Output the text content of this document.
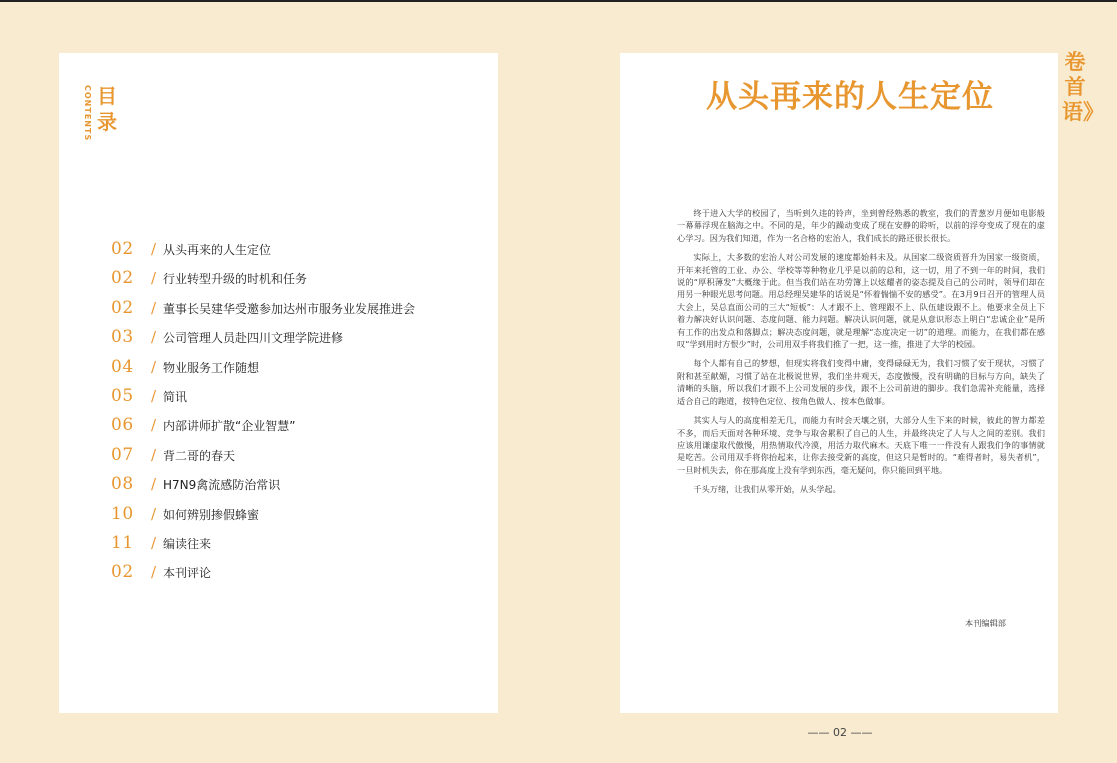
CONTENTS 目录
02	/ 从头再来的人生定位
02	/ 行业转型升级的时机和任务
02	/ 董事长吴建华受邀参加达州市服务业发展推进会
03	/ 公司管理人员赴四川文理学院进修
04	/ 物业服务工作随想
05	/ 简讯
06	/ 内部讲师扩散“企业智慧”
07	/ 背二哥的春天
08	/ H7N9禽流感防治常识
10	/ 如何辨别掺假蜂蜜
11	/ 编读往来
02	/ 本刊评论
从头再来的人生定位

终于进入大学的校园了，当听到久违的铃声，坐到曾经熟悉的教室，我们的青葱岁月便如电影般一幕幕浮现在脑海之中。不同的是，年少的躁动变成了现在安静的聆听，以前的浮夸变成了现在的虚心学习。因为我们知道，作为一名合格的宏治人，我们成长的路还很长很长。

实际上，大多数的宏治人对公司发展的速度都始料未及。从国家二级资质晋升为国家一级资质，开年来托管的工业、办公、学校等等种物业几乎是以前的总和，这一切，用了不到一年的时间，我们说的“厚积薄发”大概缘于此。但当我们站在功劳簿上以炫耀者的姿态提及自己的公司时，领导们却在用另一种眼光思考问题。用总经理吴建华的话说是“怀着惴惴不安的感受”。在3月9日召开的管理人员大会上，吴总直面公司的三大“短板”：人才跟不上、管理跟不上、队伍建设跟不上。他要求全员上下着力解决好认识问题、态度问题、能力问题。解决认识问题，就是从意识形态上明白“忠诚企业”是所有工作的出发点和落脚点；解决态度问题，就是理解“态度决定一切”的道理。而能力，在我们都在感叹“学到用时方恨少”时，公司用双手将我们推了一把，这一推，推进了大学的校园。

每个人都有自己的梦想，但现实将我们变得中庸，变得碌碌无为，我们习惯了安于现状，习惯了附和甚至献媚，习惯了站在北极说世界，我们坐井观天，态度傲慢，没有明确的目标与方向，缺失了清晰的头脑，所以我们才跟不上公司发展的步伐，跟不上公司前进的脚步。我们急需补充能量，选择适合自己的跑道，按特色定位、按角色做人、按本色做事。

其实人与人的高度相差无几，而能力有时会天壤之别，大部分人生下来的时候，彼此的智力都差不多，而后天面对各种环境、竞争与取舍累积了自己的人生，并最终决定了人与人之间的差别。我们应该用谦虚取代傲慢，用热情取代冷漠，用活力取代麻木。天底下唯一一件没有人跟我们争的事情就是吃苦。公司用双手将你抬起来，让你去接受新的高度，但这只是暂时的。“难得者时，易失者机”，一旦时机失去，你在那高度上没有学到东西，毫无疑问，你只能回到平地。

千头万绪，让我们从零开始，从头学起。

本刊编辑部
卷首语》
—— 02 ——
